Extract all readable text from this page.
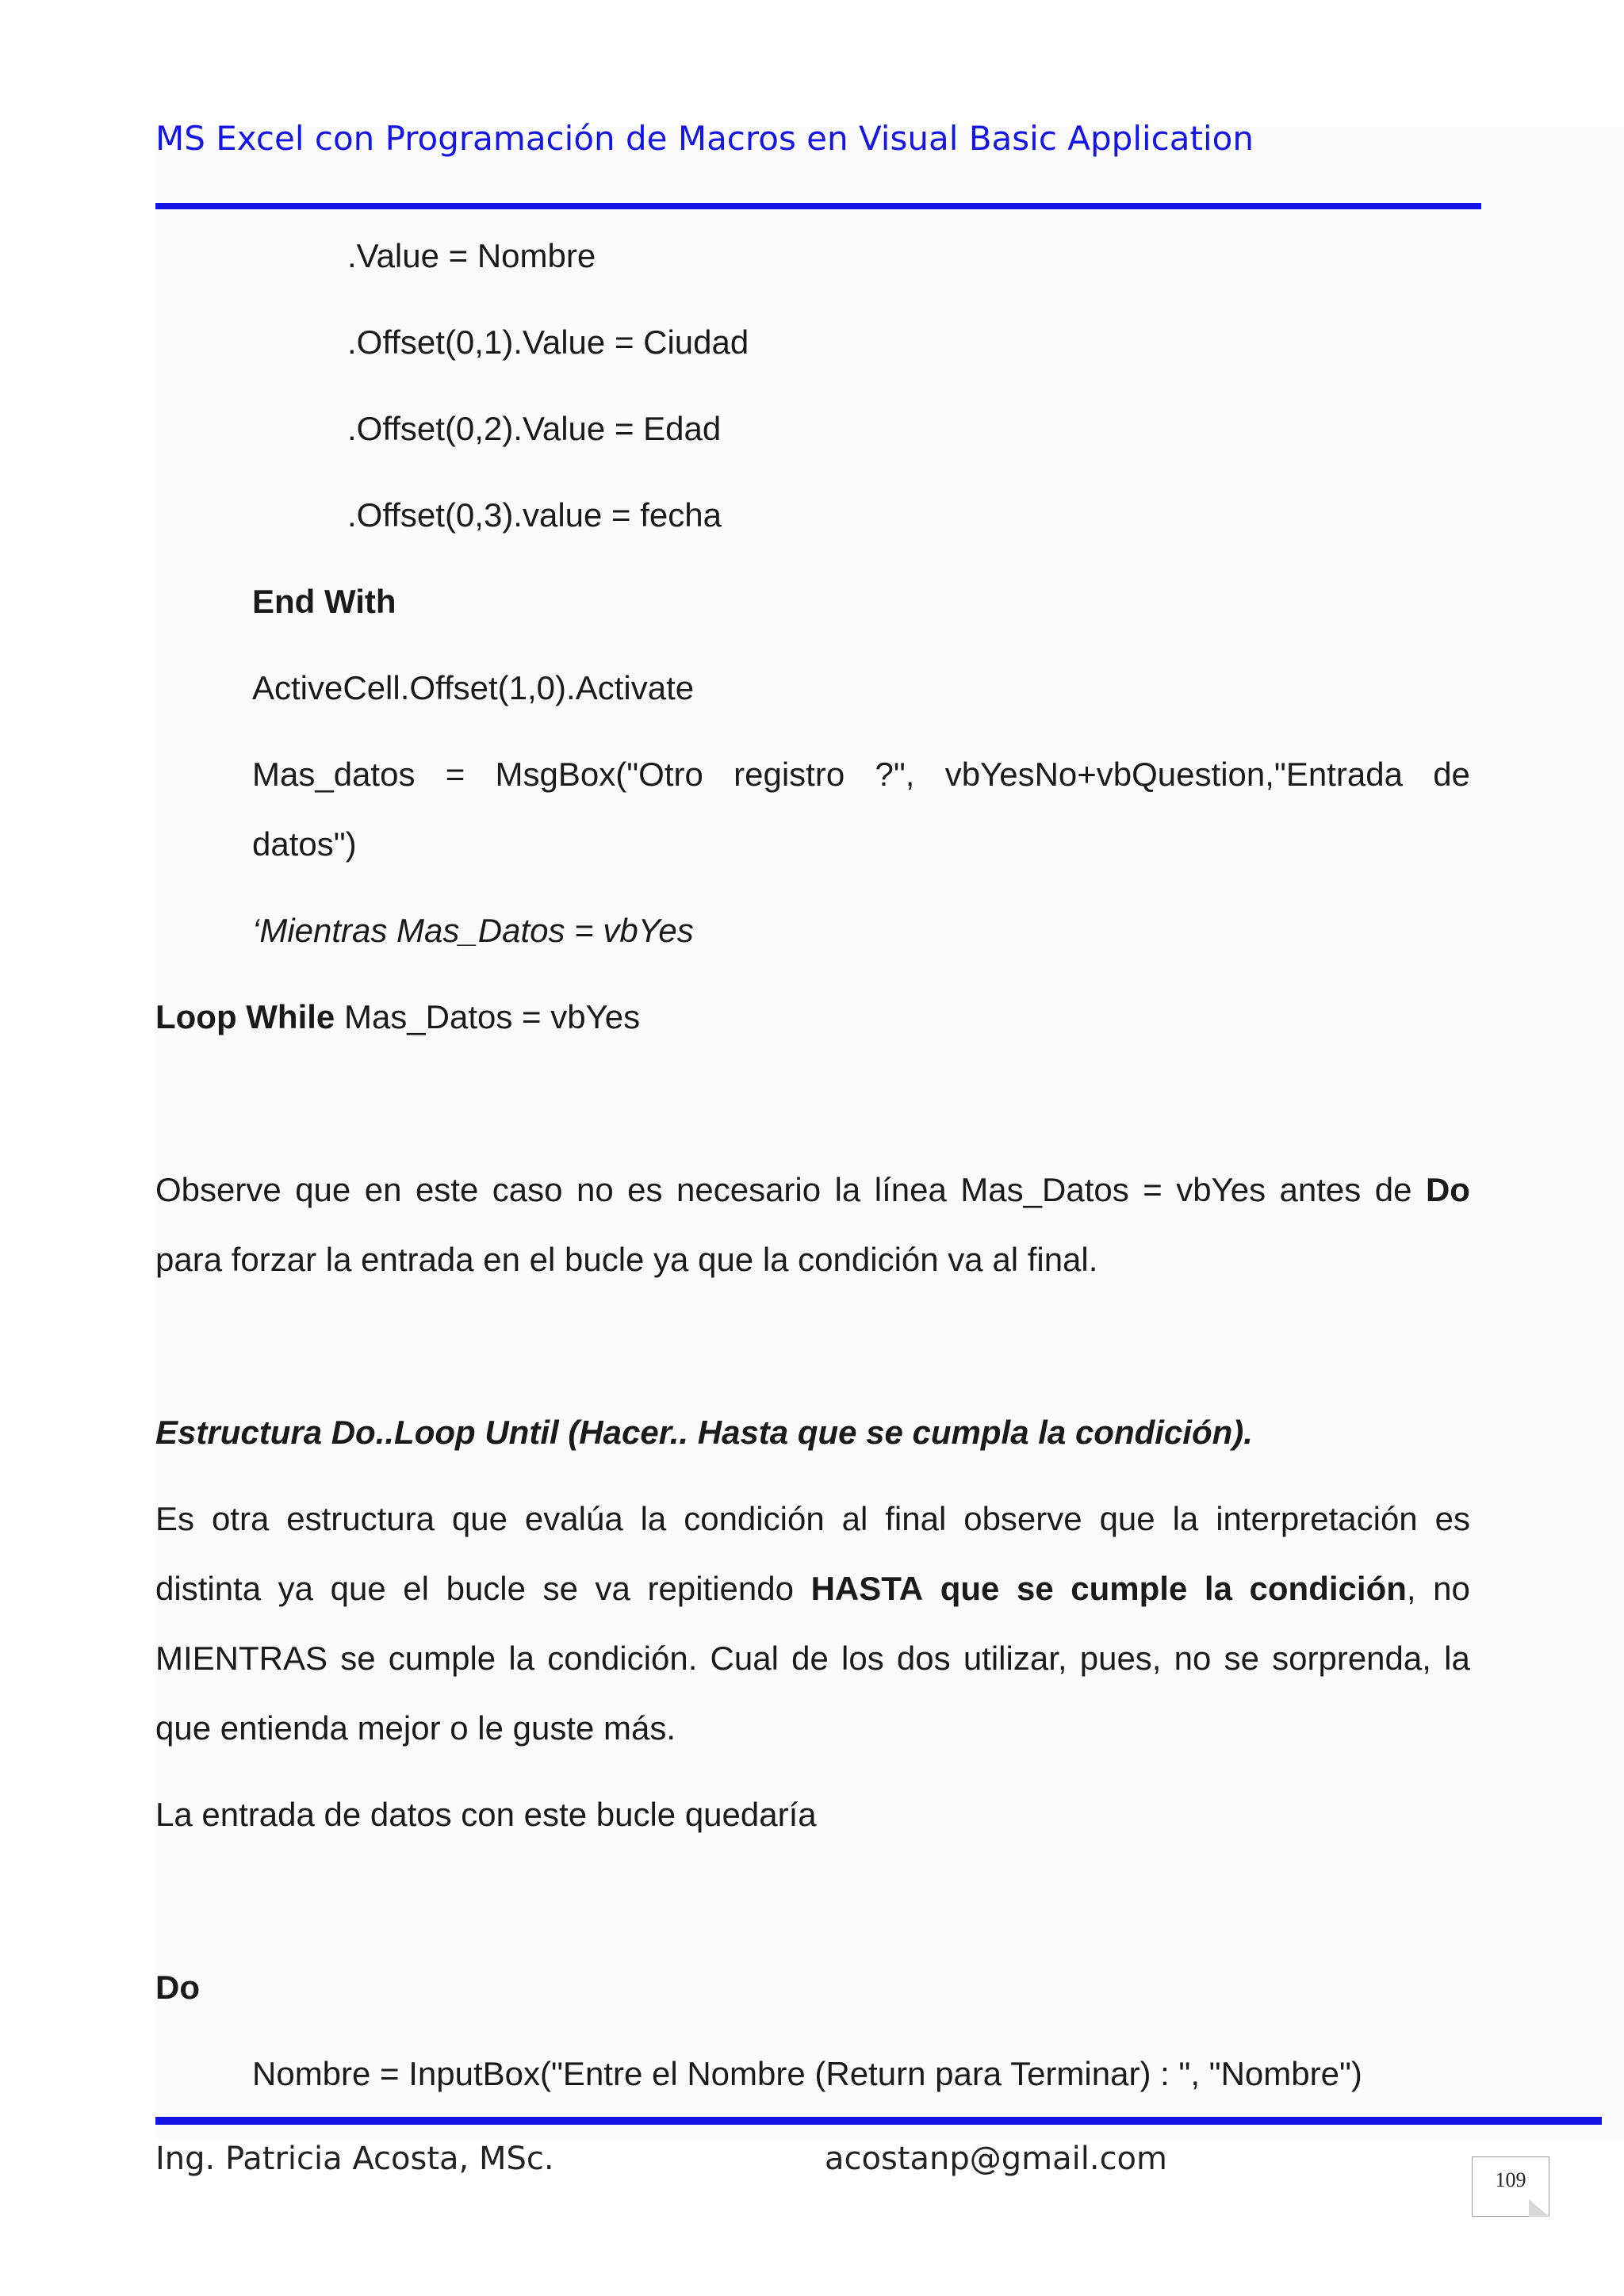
MS Excel con Programación de Macros en Visual Basic Application
.Value = Nombre
.Offset(0,1).Value = Ciudad
.Offset(0,2).Value = Edad
.Offset(0,3).value = fecha
End With
ActiveCell.Offset(1,0).Activate
Mas_datos = MsgBox("Otro registro ?", vbYesNo+vbQuestion,"Entrada de
datos")
‘Mientras Mas_Datos = vbYes
Loop While Mas_Datos = vbYes
Observe que en este caso no es necesario la línea Mas_Datos = vbYes antes de Do
para forzar la entrada en el bucle ya que la condición va al final.
Estructura Do..Loop Until (Hacer.. Hasta que se cumpla la condición).
Es otra estructura que evalúa la condición al final observe que la interpretación es
distinta ya que el bucle se va repitiendo HASTA que se cumple la condición, no
MIENTRAS se cumple la condición. Cual de los dos utilizar, pues, no se sorprenda, la
que entienda mejor o le guste más.
La entrada de datos con este bucle quedaría
Do
Nombre = InputBox("Entre el Nombre (Return para Terminar) : ", "Nombre")
Ing. Patricia Acosta, MSc.	acostanp@gmail.com
109
